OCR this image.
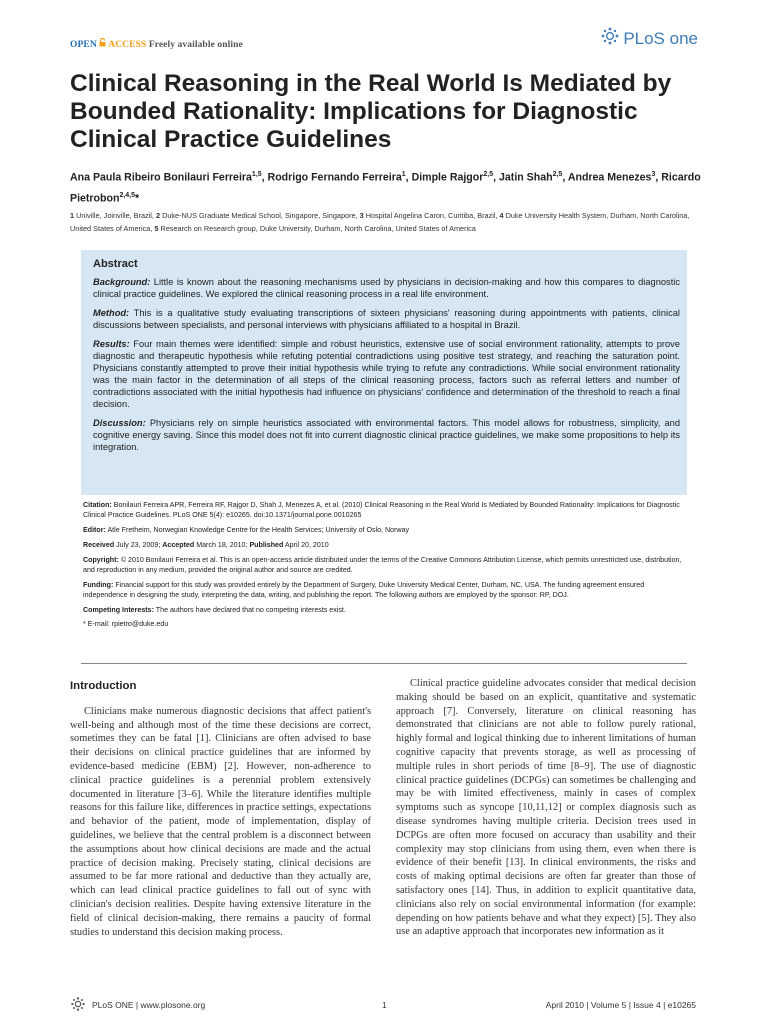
OPEN ACCESS Freely available online	PLoS one
Clinical Reasoning in the Real World Is Mediated by Bounded Rationality: Implications for Diagnostic Clinical Practice Guidelines
Ana Paula Ribeiro Bonilauri Ferreira$^{1,5}$, Rodrigo Fernando Ferreira$^1$, Dimple Rajgor$^{2,5}$, Jatin Shah$^{2,5}$, Andrea Menezes$^3$, Ricardo Pietrobon$^{2,4,5}$*
1 Univille, Joinville, Brazil, 2 Duke-NUS Graduate Medical School, Singapore, Singapore, 3 Hospital Angelina Caron, Curitiba, Brazil, 4 Duke University Health System, Durham, North Carolina, United States of America, 5 Research on Research group, Duke University, Durham, North Carolina, United States of America
Abstract

Background: Little is known about the reasoning mechanisms used by physicians in decision-making and how this compares to diagnostic clinical practice guidelines. We explored the clinical reasoning process in a real life environment.

Method: This is a qualitative study evaluating transcriptions of sixteen physicians' reasoning during appointments with patients, clinical discussions between specialists, and personal interviews with physicians affiliated to a hospital in Brazil.

Results: Four main themes were identified: simple and robust heuristics, extensive use of social environment rationality, attempts to prove diagnostic and therapeutic hypothesis while refuting potential contradictions using positive test strategy, and reaching the saturation point. Physicians constantly attempted to prove their initial hypothesis while trying to refute any contradictions. While social environment rationality was the main factor in the determination of all steps of the clinical reasoning process, factors such as referral letters and number of contradictions associated with the initial hypothesis had influence on physicians' confidence and determination of the threshold to reach a final decision.

Discussion: Physicians rely on simple heuristics associated with environmental factors. This model allows for robustness, simplicity, and cognitive energy saving. Since this model does not fit into current diagnostic clinical practice guidelines, we make some propositions to help its integration.

Citation: Bonilauri Ferreira APR, Ferreira RF, Rajgor D, Shah J, Menezes A, et al. (2010) Clinical Reasoning in the Real World Is Mediated by Bounded Rationality: Implications for Diagnostic Clinical Practice Guidelines. PLoS ONE 5(4): e10265. doi:10.1371/journal.pone.0010265

Editor: Atle Fretheim, Norwegian Knowledge Centre for the Health Services; University of Oslo, Norway

Received July 23, 2009; Accepted March 18, 2010; Published April 20, 2010

Copyright: © 2010 Bonilauri Ferreira et al. This is an open-access article distributed under the terms of the Creative Commons Attribution License, which permits unrestricted use, distribution, and reproduction in any medium, provided the original author and source are credited.

Funding: Financial support for this study was provided entirely by the Department of Surgery, Duke University Medical Center, Durham, NC, USA. The funding agreement ensured independence in designing the study, interpreting the data, writing, and publishing the report. The following authors are employed by the sponsor: RP, DOJ.

Competing Interests: The authors have declared that no competing interests exist.

* E-mail: rpietro@duke.edu

Introduction

Clinicians make numerous diagnostic decisions that affect patient's well-being and although most of the time these decisions are correct, sometimes they can be fatal [1]. Clinicians are often advised to base their decisions on clinical practice guidelines that are informed by evidence-based medicine (EBM) [2]. However, non-adherence to clinical practice guidelines is a perennial problem extensively documented in literature [3–6]. While the literature identifies multiple reasons for this failure like, differences in practice settings, expectations and behavior of the patient, mode of implementation, display of guidelines, we believe that the central problem is a disconnect between the assumptions about how clinical decisions are made and the actual practice of decision making. Precisely stating, clinical decisions are assumed to be far more rational and deductive than they actually are, which can lead clinical practice guidelines to fall out of sync with clinician's decision realities. Despite having extensive literature in the field of clinical decision-making, there remains a paucity of formal studies to understand this decision making process.

Clinical practice guideline advocates consider that medical decision making should be based on an explicit, quantitative and systematic approach [7]. Conversely, literature on clinical reasoning has demonstrated that clinicians are not able to follow purely rational, highly formal and logical thinking due to inherent limitations of human cognitive capacity that prevents storage, as well as processing of multiple rules in short periods of time [8–9]. The use of diagnostic clinical practice guidelines (DCPGs) can sometimes be challenging and may be with limited effectiveness, mainly in cases of complex symptoms such as syncope [10,11,12] or complex diagnosis such as disease syndromes having multiple criteria. Decision trees used in DCPGs are often more focused on accuracy than usability and their complexity may stop clinicians from using them, even when there is evidence of their benefit [13]. In clinical environments, the risks and costs of making optimal decisions are often far greater than those of satisfactory ones [14]. Thus, in addition to explicit quantitative data, clinicians also rely on social environmental information (for example: depending on how patients behave and what they expect) [5]. They also use an adaptive approach that incorporates new information as it

PLoS ONE | www.plosone.org	1	April 2010 | Volume 5 | Issue 4 | e10265
